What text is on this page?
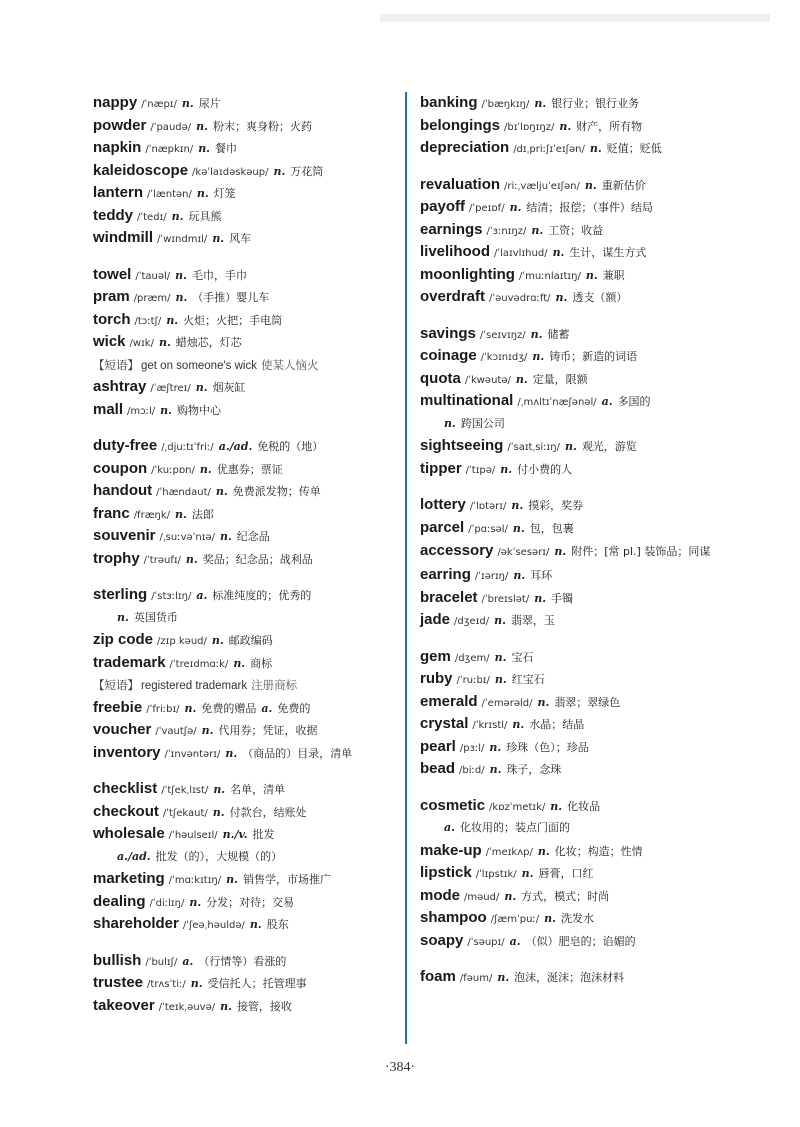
nappy /ˈnæpɪ/ n. 尿片
powder /ˈpaudə/ n. 粉末；爽身粉；火药
napkin /ˈnæpkɪn/ n. 餐巾
kaleidoscope /kəˈlaɪdəskəup/ n. 万花筒
lantern /ˈlæntən/ n. 灯笼
teddy /ˈtedɪ/ n. 玩具熊
windmill /ˈwɪndmɪl/ n. 风车
towel /ˈtauəl/ n. 毛巾，手巾
pram /præm/ n. （手推）婴儿车
torch /tɔːtʃ/ n. 火炬；火把；手电筒
wick /wɪk/ n. 蜡烛芯，灯芯
【短语】 get on someone's wick 使某人恼火
ashtray /ˈæʃtreɪ/ n. 烟灰缸
mall /mɔːl/ n. 购物中心
duty-free /ˌdjuːtɪˈfriː/ a./ad. 免税的（地）
coupon /ˈkuːpɒn/ n. 优惠券；票证
handout /ˈhændaut/ n. 免费派发物；传单
franc /fræŋk/ n. 法郎
souvenir /ˌsuːvəˈnɪə/ n. 纪念品
trophy /ˈtrəufɪ/ n. 奖品；纪念品；战利品
sterling /ˈstɜːlɪŋ/ a. 标准纯度的；优秀的
n. 英国货币
zip code /zɪp kəud/ n. 邮政编码
trademark /ˈtreɪdmɑːk/ n. 商标
【短语】 registered trademark 注册商标
freebie /ˈfriːbɪ/ n. 免费的赠品 a. 免费的
voucher /ˈvautʃə/ n. 代用券；凭证，收据
inventory /ˈɪnvəntərɪ/ n. （商品的）目录，清单
checklist /ˈtʃekˌlɪst/ n. 名单，清单
checkout /ˈtʃekaut/ n. 付款台，结账处
wholesale /ˈhəulseɪl/ n./v. 批发
a./ad. 批发（的），大规模（的）
marketing /ˈmɑːkɪtɪŋ/ n. 销售学，市场推广
dealing /ˈdiːlɪŋ/ n. 分发；对待；交易
shareholder /ˈʃeəˌhəuldə/ n. 股东
bullish /ˈbulɪʃ/ a. （行情等）看涨的
trustee /trʌsˈtiː/ n. 受信托人；托管理事
takeover /ˈteɪkˌəuvə/ n. 接管，接收
banking /ˈbæŋkɪŋ/ n. 银行业；银行业务
belongings /bɪˈlɒŋɪŋz/ n. 财产，所有物
depreciation /dɪˌpriːʃɪˈeɪʃən/ n. 贬值；贬低
revaluation /riːˌvæljuˈeɪʃən/ n. 重新估价
payoff /ˈpeɪɒf/ n. 结清；报偿；（事件）结局
earnings /ˈɜːnɪŋz/ n. 工资；收益
livelihood /ˈlaɪvlɪhud/ n. 生计，谋生方式
moonlighting /ˈmuːnlaɪtɪŋ/ n. 兼职
overdraft /ˈəuvədrɑːft/ n. 透支（额）
savings /ˈseɪvɪŋz/ n. 储蓄
coinage /ˈkɔɪnɪdʒ/ n. 铸币；新造的词语
quota /ˈkwəutə/ n. 定量，限额
multinational /ˌmʌltɪˈnæʃənəl/ a. 多国的
n. 跨国公司
sightseeing /ˈsaɪtˌsiːɪŋ/ n. 观光，游览
tipper /ˈtɪpə/ n. 付小费的人
lottery /ˈlɒtərɪ/ n. 摸彩，奖券
parcel /ˈpɑːsəl/ n. 包，包裹
accessory /əkˈsesərɪ/ n. 附件；[常 pl.] 装饰品；同谋
earring /ˈɪərɪŋ/ n. 耳环
bracelet /ˈbreɪslət/ n. 手镯
jade /dʒeɪd/ n. 翡翠，玉
gem /dʒem/ n. 宝石
ruby /ˈruːbɪ/ n. 红宝石
emerald /ˈemərəld/ n. 翡翠；翠绿色
crystal /ˈkrɪstl/ n. 水晶；结晶
pearl /pɜːl/ n. 珍珠（色）；珍品
bead /biːd/ n. 珠子，念珠
cosmetic /kɒzˈmetɪk/ n. 化妆品
a. 化妆用的；装点门面的
make-up /ˈmeɪkʌp/ n. 化妆；构造；性情
lipstick /ˈlɪpstɪk/ n. 唇膏，口红
mode /məud/ n. 方式，模式；时尚
shampoo /ʃæmˈpuː/ n. 洗发水
soapy /ˈsəupɪ/ a. （似）肥皂的；谄媚的
foam /fəum/ n. 泡沫，涎沫；泡沫材料
·384·
